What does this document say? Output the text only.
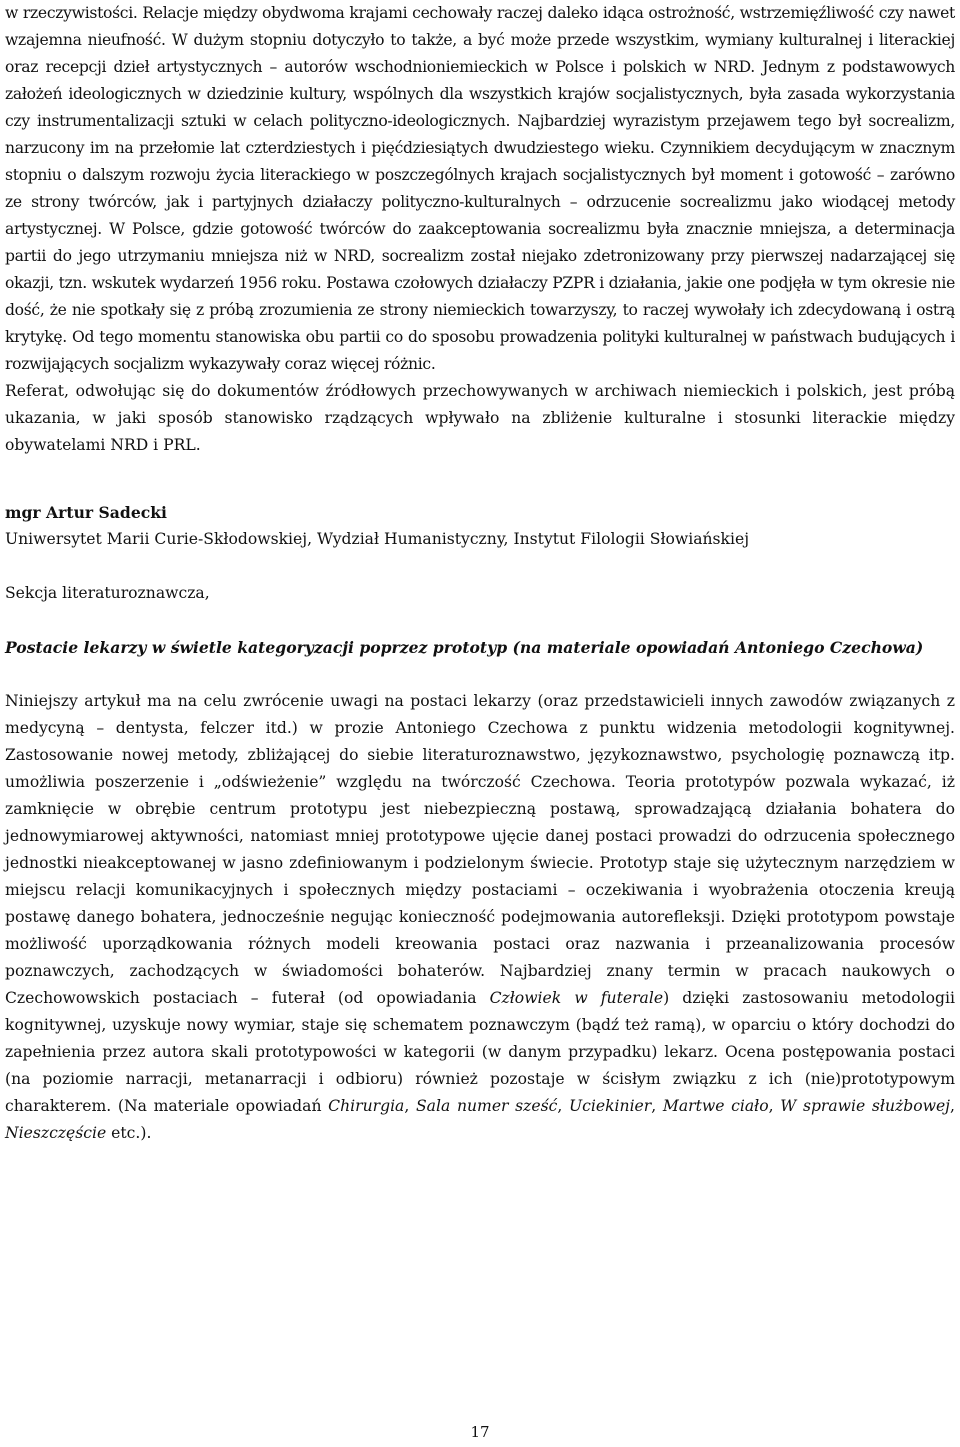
w rzeczywistości. Relacje między obydwoma krajami cechowały raczej daleko idąca ostrożność, wstrzemięźliwość czy nawet wzajemna nieufność. W dużym stopniu dotyczyło to także, a być może przede wszystkim, wymiany kulturalnej i literackiej oraz recepcji dzieł artystycznych – autorów wschodnioniemieckich w Polsce i polskich w NRD. Jednym z podstawowych założeń ideologicznych w dziedzinie kultury, wspólnych dla wszystkich krajów socjalistycznych, była zasada wykorzystania czy instrumentalizacji sztuki w celach polityczno-ideologicznych. Najbardziej wyrazistym przejawem tego był socrealizm, narzucony im na przełomie lat czterdziestych i pięćdziesiątych dwudziestego wieku. Czynnikiem decydującym w znacznym stopniu o dalszym rozwoju życia literackiego w poszczególnych krajach socjalistycznych był moment i gotowość – zarówno ze strony twórców, jak i partyjnych działaczy polityczno-kulturalnych – odrzucenie socrealizmu jako wiodącej metody artystycznej. W Polsce, gdzie gotowość twórców do zaakceptowania socrealizmu była znacznie mniejsza, a determinacja partii do jego utrzymaniu mniejsza niż w NRD, socrealizm został niejako zdetronizowany przy pierwszej nadarzającej się okazji, tzn. wskutek wydarzeń 1956 roku. Postawa czołowych działaczy PZPR i działania, jakie one podjęła w tym okresie nie dość, że nie spotkały się z próbą zrozumienia ze strony niemieckich towarzyszy, to raczej wywołały ich zdecydowaną i ostrą krytykę. Od tego momentu stanowiska obu partii co do sposobu prowadzenia polityki kulturalnej w państwach budujących i rozwijających socjalizm wykazywały coraz więcej różnic.

Referat, odwołując się do dokumentów źródłowych przechowywanych w archiwach niemieckich i polskich, jest próbą ukazania, w jaki sposób stanowisko rządzących wpływało na zbliżenie kulturalne i stosunki literackie między obywatelami NRD i PRL.

mgr Artur Sadecki
Uniwersytet Marii Curie-Skłodowskiej, Wydział Humanistyczny, Instytut Filologii Słowiańskiej
Sekcja literaturoznawcza,

Postacie lekarzy w świetle kategoryzacji poprzez prototyp (na materiale opowiadań Antoniego Czechowa)

Niniejszy artykuł ma na celu zwrócenie uwagi na postaci lekarzy (oraz przedstawicieli innych zawodów związanych z medycyną – dentysta, felczer itd.) w prozie Antoniego Czechowa z punktu widzenia metodologii kognitywnej. Zastosowanie nowej metody, zbliżającej do siebie literaturoznawstwo, językoznawstwo, psychologię poznawczą itp. umożliwia poszerzenie i „odświeżenie” względu na twórczość Czechowa. Teoria prototypów pozwala wykazać, iż zamknięcie w obrębie centrum prototypu jest niebezpieczną postawą, sprowadzającą działania bohatera do jednowymiarowej aktywności, natomiast mniej prototypowe ujęcie danej postaci prowadzi do odrzucenia społecznego jednostki nieakceptowanej w jasno zdefiniowanym i podzielonym świecie. Prototyp staje się użytecznym narzędziem w miejscu relacji komunikacyjnych i społecznych między postaciami – oczekiwania i wyobrażenia otoczenia kreują postawę danego bohatera, jednocześnie negując konieczność podejmowania autorefleksji. Dzięki prototypom powstaje możliwość uporządkowania różnych modeli kreowania postaci oraz nazwania i przeanalizowania procesów poznawczych, zachodzących w świadomości bohaterów. Najbardziej znany termin w pracach naukowych o Czechowowskich postaciach – futerał (od opowiadania Człowiek w futerale) dzięki zastosowaniu metodologii kognitywnej, uzyskuje nowy wymiar, staje się schematem poznawczym (bądź też ramą), w oparciu o który dochodzi do zapełnienia przez autora skali prototypowości w kategorii (w danym przypadku) lekarz. Ocena postępowania postaci (na poziomie narracji, metanarracji i odbioru) również pozostaje w ścisłym związku z ich (nie)prototypowym charakterem. (Na materiale opowiadań Chirurgia, Sala numer sześć, Uciekinier, Martwe ciało, W sprawie służbowej, Nieszczęście etc.).

17
